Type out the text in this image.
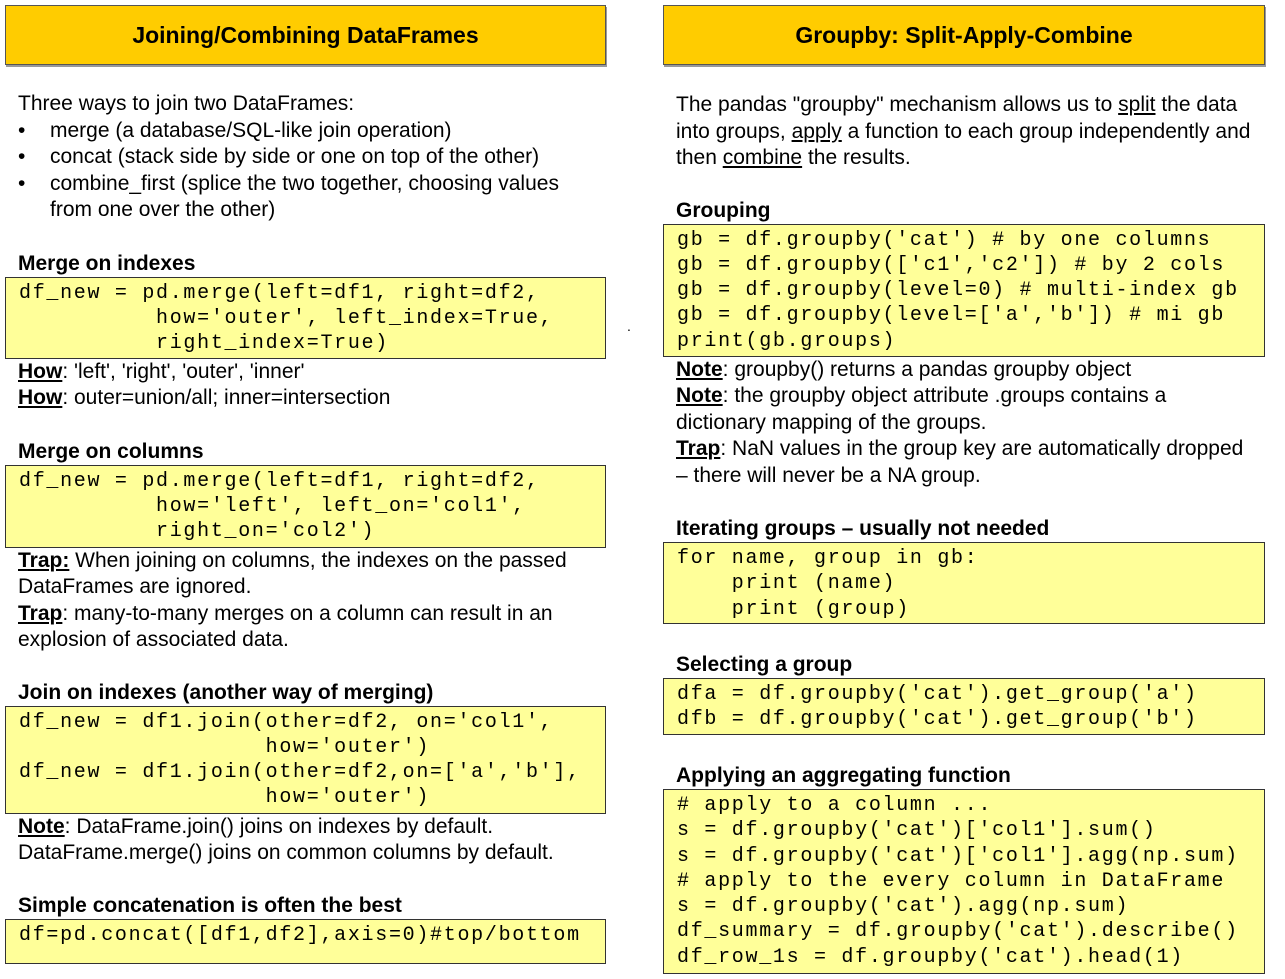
Joining/Combining DataFrames
Three ways to join two DataFrames:
• merge (a database/SQL-like join operation)
• concat (stack side by side or one on top of the other)
• combine_first (splice the two together, choosing values from one over the other)
Merge on indexes
df_new = pd.merge(left=df1, right=df2,
how='outer', left_index=True,
right_index=True)
How: 'left', 'right', 'outer', 'inner'
How: outer=union/all; inner=intersection
Merge on columns
df_new = pd.merge(left=df1, right=df2,
how='left', left_on='col1',
right_on='col2')
Trap: When joining on columns, the indexes on the passed DataFrames are ignored.
Trap: many-to-many merges on a column can result in an explosion of associated data.
Join on indexes (another way of merging)
df_new = df1.join(other=df2, on='col1',
how='outer')
df_new = df1.join(other=df2,on=['a','b'],
how='outer')
Note: DataFrame.join() joins on indexes by default. DataFrame.merge() joins on common columns by default.
Simple concatenation is often the best
df=pd.concat([df1,df2],axis=0)#top/bottom
.
Groupby: Split-Apply-Combine
The pandas "groupby" mechanism allows us to split the data into groups, apply a function to each group independently and then combine the results.
Grouping
gb = df.groupby('cat') # by one columns
gb = df.groupby(['c1','c2']) # by 2 cols
gb = df.groupby(level=0) # multi-index gb
gb = df.groupby(level=['a','b']) # mi gb
print(gb.groups)
Note: groupby() returns a pandas groupby object
Note: the groupby object attribute .groups contains a dictionary mapping of the groups.
Trap: NaN values in the group key are automatically dropped – there will never be a NA group.
Iterating groups – usually not needed
for name, group in gb:
print (name)
print (group)
Selecting a group
dfa = df.groupby('cat').get_group('a')
dfb = df.groupby('cat').get_group('b')
Applying an aggregating function
# apply to a column ...
s = df.groupby('cat')['col1'].sum()
s = df.groupby('cat')['col1'].agg(np.sum)
# apply to the every column in DataFrame
s = df.groupby('cat').agg(np.sum)
df_summary = df.groupby('cat').describe()
df_row_1s = df.groupby('cat').head(1)
